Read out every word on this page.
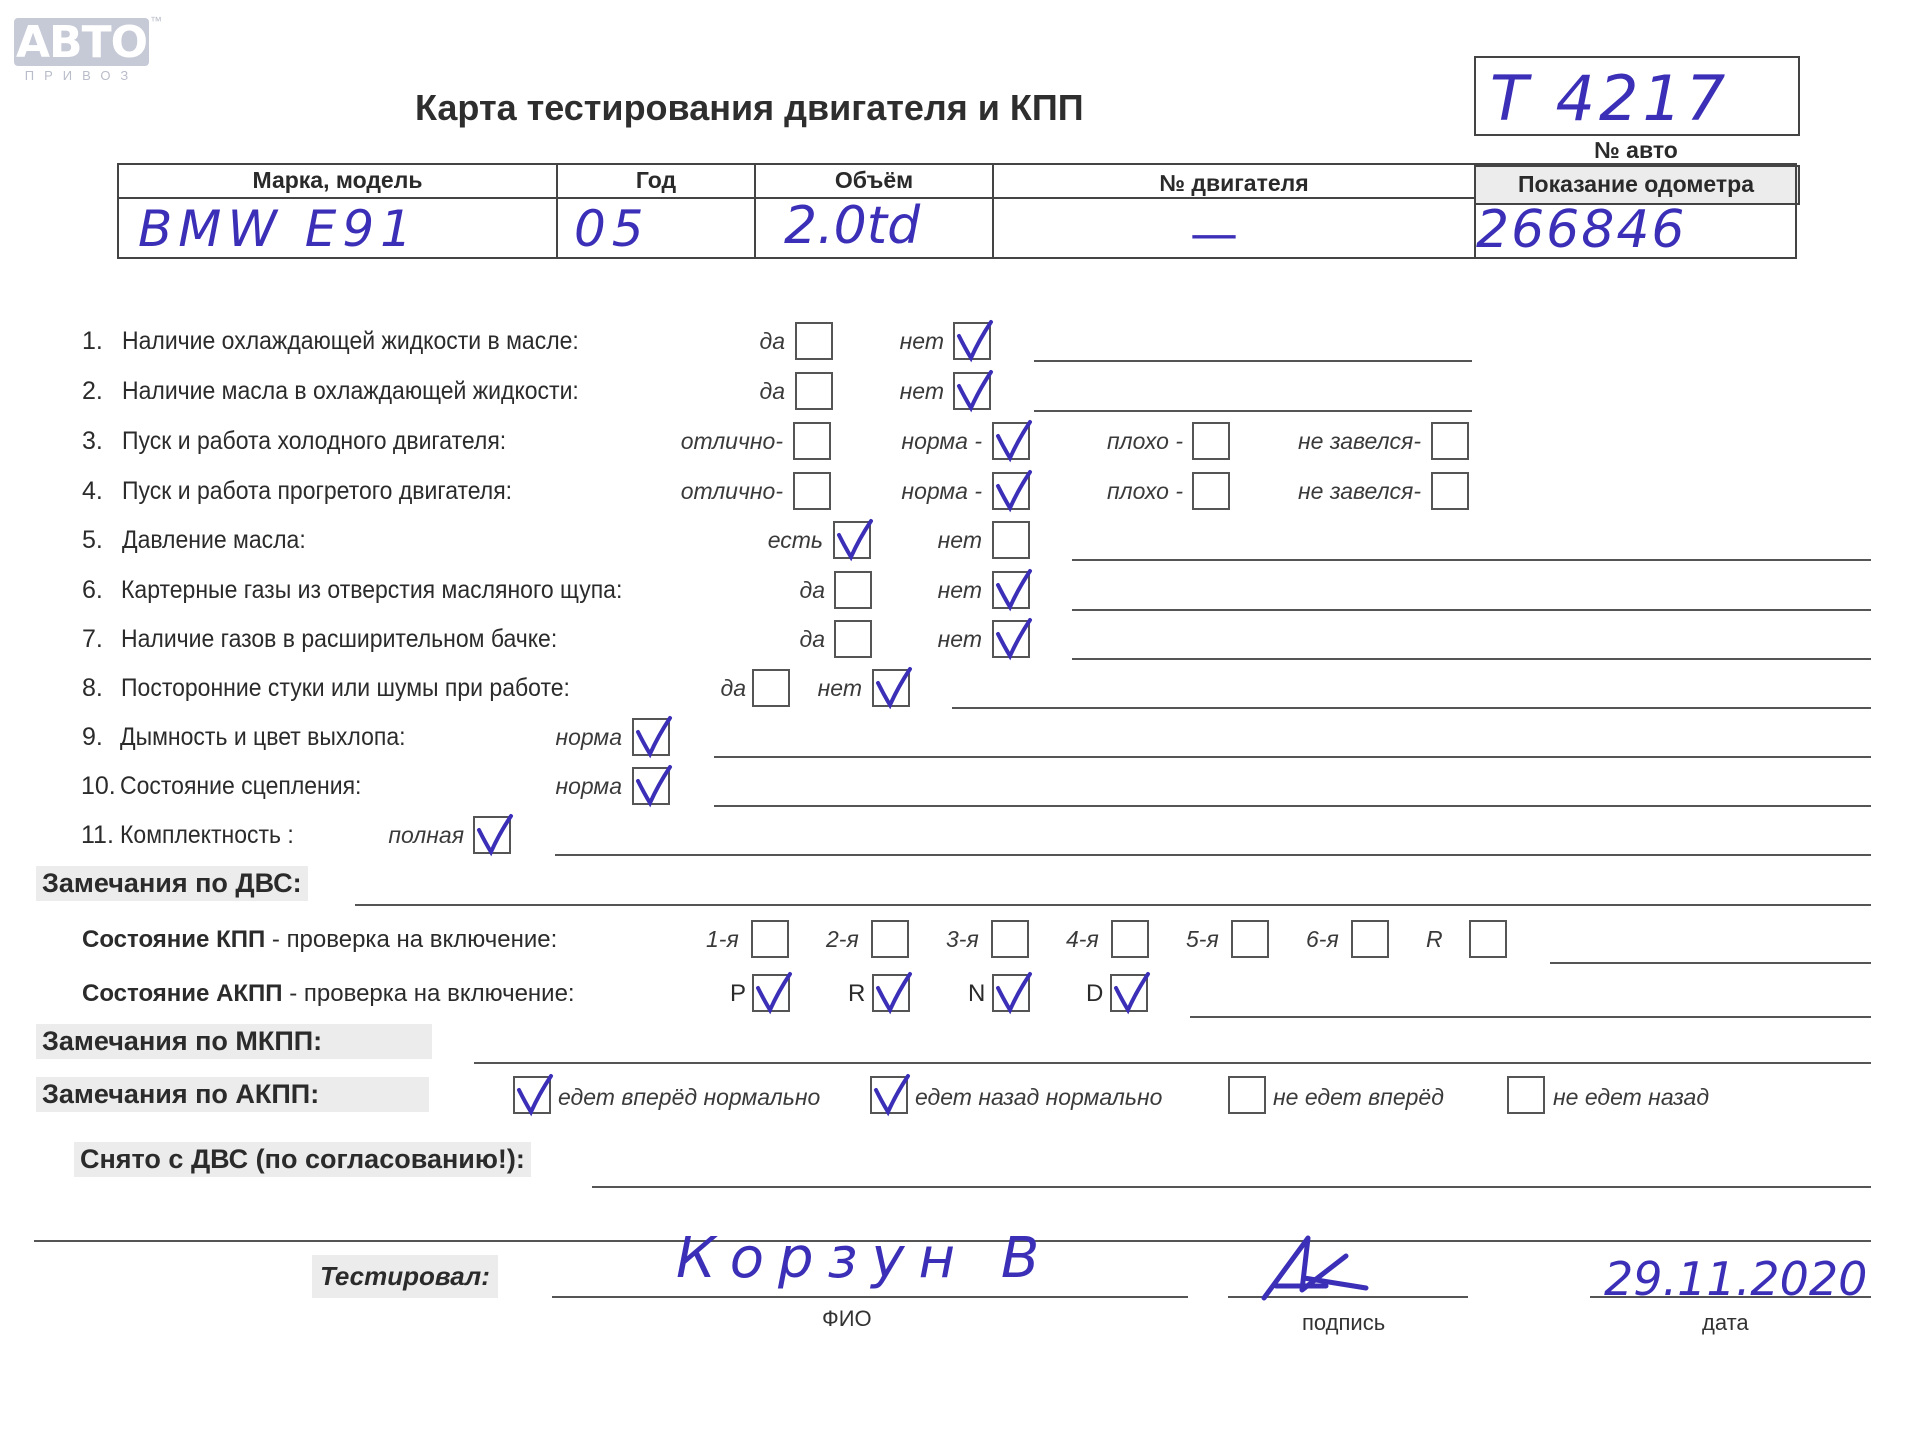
АВТО ™
ПРИВОЗ
Карта тестирования двигателя и КПП	T 4217
№ авто
Показание одометра
Марка, модель	Год	Объём	№ двигателя
BMW E91	05	2.0td	—	266846
1. Наличие охлаждающей жидкости в масле:	да	нет
2. Наличие масла в охлаждающей жидкости:	да	нет
3. Пуск и работа холодного двигателя:	отлично-	норма -	плохо -	не завелся-
4. Пуск и работа прогретого двигателя:	отлично-	норма -	плохо -	не завелся-
5. Давление масла:	есть	нет
6. Картерные газы из отверстия масляного щупа:	да	нет
7. Наличие газов в расширительном бачке:	да	нет
8. Посторонние стуки или шумы при работе:	да	нет
9. Дымность и цвет выхлопа:	норма
10. Состояние сцепления:	норма
11. Комплектность :	полная
Замечания по ДВС:
Состояние КПП - проверка на включение:	1-я	2-я	3-я	4-я	5-я	6-я	R
Состояние АКПП - проверка на включение:	P	R	N	D
Замечания по МКПП:
Замечания по АКПП:	едет вперёд нормально	едет назад нормально	не едет вперёд	не едет назад
Снято с ДВС (по согласованию!):
Тестировал:	Корзун В
ФИО	подпись
29.11.2020
дата
